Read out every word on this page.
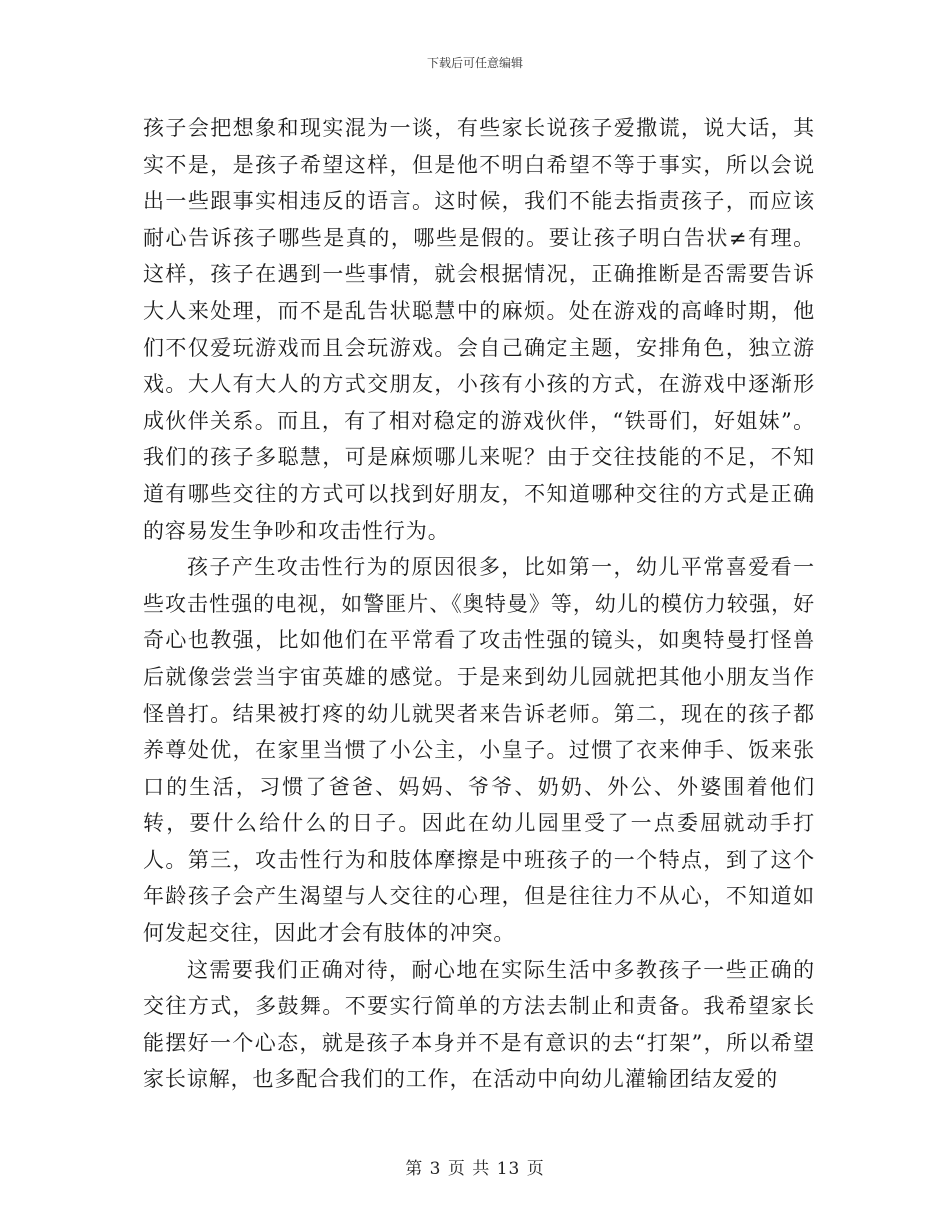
下载后可任意编辑

孩子会把想象和现实混为一谈，有些家长说孩子爱撒谎，说大话，其实不是，是孩子希望这样，但是他不明白希望不等于事实，所以会说出一些跟事实相违反的语言。这时候，我们不能去指责孩子，而应该耐心告诉孩子哪些是真的，哪些是假的。要让孩子明白告状≠有理。这样，孩子在遇到一些事情，就会根据情况，正确推断是否需要告诉大人来处理，而不是乱告状聪慧中的麻烦。处在游戏的高峰时期，他们不仅爱玩游戏而且会玩游戏。会自己确定主题，安排角色，独立游戏。大人有大人的方式交朋友，小孩有小孩的方式，在游戏中逐渐形成伙伴关系。而且，有了相对稳定的游戏伙伴，“铁哥们，好姐妹”。我们的孩子多聪慧，可是麻烦哪儿来呢？由于交往技能的不足，不知道有哪些交往的方式可以找到好朋友，不知道哪种交往的方式是正确的容易发生争吵和攻击性行为。

孩子产生攻击性行为的原因很多，比如第一，幼儿平常喜爱看一些攻击性强的电视，如警匪片、《奥特曼》等，幼儿的模仿力较强，好奇心也教强，比如他们在平常看了攻击性强的镜头，如奥特曼打怪兽后就像尝尝当宇宙英雄的感觉。于是来到幼儿园就把其他小朋友当作怪兽打。结果被打疼的幼儿就哭者来告诉老师。第二，现在的孩子都养尊处优，在家里当惯了小公主，小皇子。过惯了衣来伸手、饭来张口的生活，习惯了爸爸、妈妈、爷爷、奶奶、外公、外婆围着他们转，要什么给什么的日子。因此在幼儿园里受了一点委屈就动手打人。第三，攻击性行为和肢体摩擦是中班孩子的一个特点，到了这个年龄孩子会产生渴望与人交往的心理，但是往往力不从心，不知道如何发起交往，因此才会有肢体的冲突。

这需要我们正确对待，耐心地在实际生活中多教孩子一些正确的交往方式，多鼓舞。不要实行简单的方法去制止和责备。我希望家长能摆好一个心态，就是孩子本身并不是有意识的去“打架”，所以希望家长谅解，也多配合我们的工作，在活动中向幼儿灌输团结友爱的

第 3 页 共 13 页
